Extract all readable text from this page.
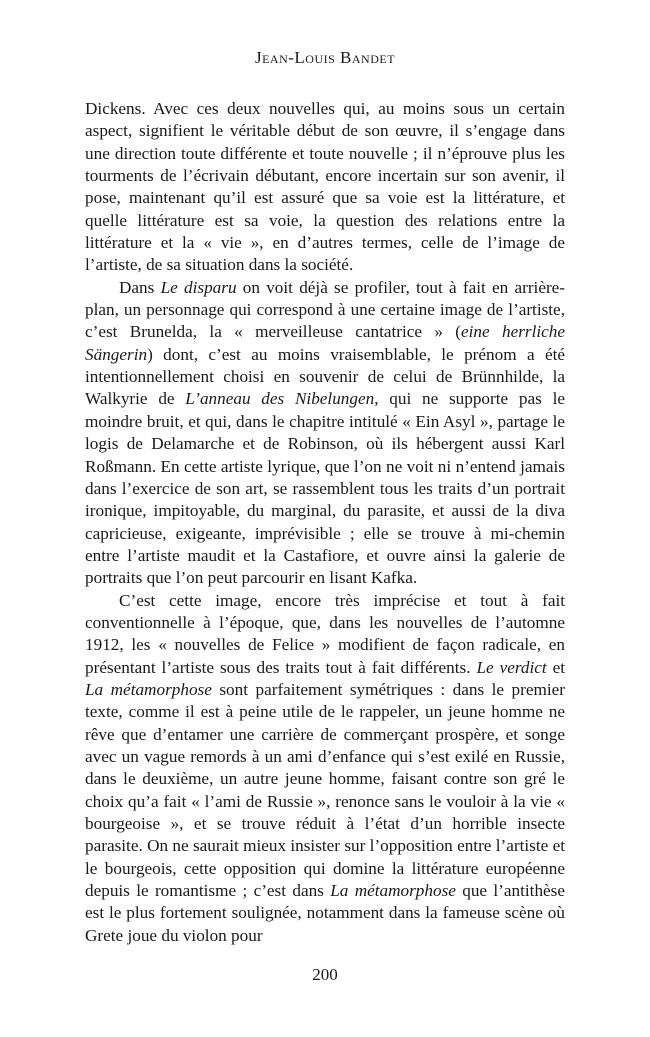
Jean-Louis Bandet

Dickens. Avec ces deux nouvelles qui, au moins sous un certain aspect, signifient le véritable début de son œuvre, il s’engage dans une direction toute différente et toute nouvelle ; il n’éprouve plus les tourments de l’écrivain débutant, encore incertain sur son avenir, il pose, maintenant qu’il est assuré que sa voie est la littérature, et quelle littérature est sa voie, la question des relations entre la littérature et la « vie », en d’autres termes, celle de l’image de l’artiste, de sa situation dans la société.

Dans Le disparu on voit déjà se profiler, tout à fait en arrière-plan, un personnage qui correspond à une certaine image de l’artiste, c’est Brunelda, la « merveilleuse cantatrice » (eine herrliche Sängerin) dont, c’est au moins vraisemblable, le prénom a été intentionnellement choisi en souvenir de celui de Brünnhilde, la Walkyrie de L’anneau des Nibelungen, qui ne supporte pas le moindre bruit, et qui, dans le chapitre intitulé « Ein Asyl », partage le logis de Delamarche et de Robinson, où ils hébergent aussi Karl Roßmann. En cette artiste lyrique, que l’on ne voit ni n’entend jamais dans l’exercice de son art, se rassemblent tous les traits d’un portrait ironique, impitoyable, du marginal, du parasite, et aussi de la diva capricieuse, exigeante, imprévisible ; elle se trouve à mi-chemin entre l’artiste maudit et la Castafiore, et ouvre ainsi la galerie de portraits que l’on peut parcourir en lisant Kafka.

C’est cette image, encore très imprécise et tout à fait conventionnelle à l’époque, que, dans les nouvelles de l’automne 1912, les « nouvelles de Felice » modifient de façon radicale, en présentant l’artiste sous des traits tout à fait différents. Le verdict et La métamorphose sont parfaitement symétriques : dans le premier texte, comme il est à peine utile de le rappeler, un jeune homme ne rêve que d’entamer une carrière de commerçant prospère, et songe avec un vague remords à un ami d’enfance qui s’est exilé en Russie, dans le deuxième, un autre jeune homme, faisant contre son gré le choix qu’a fait « l’ami de Russie », renonce sans le vouloir à la vie « bourgeoise », et se trouve réduit à l’état d’un horrible insecte parasite. On ne saurait mieux insister sur l’opposition entre l’artiste et le bourgeois, cette opposition qui domine la littérature européenne depuis le romantisme ; c’est dans La métamorphose que l’antithèse est le plus fortement soulignée, notamment dans la fameuse scène où Grete joue du violon pour

200
